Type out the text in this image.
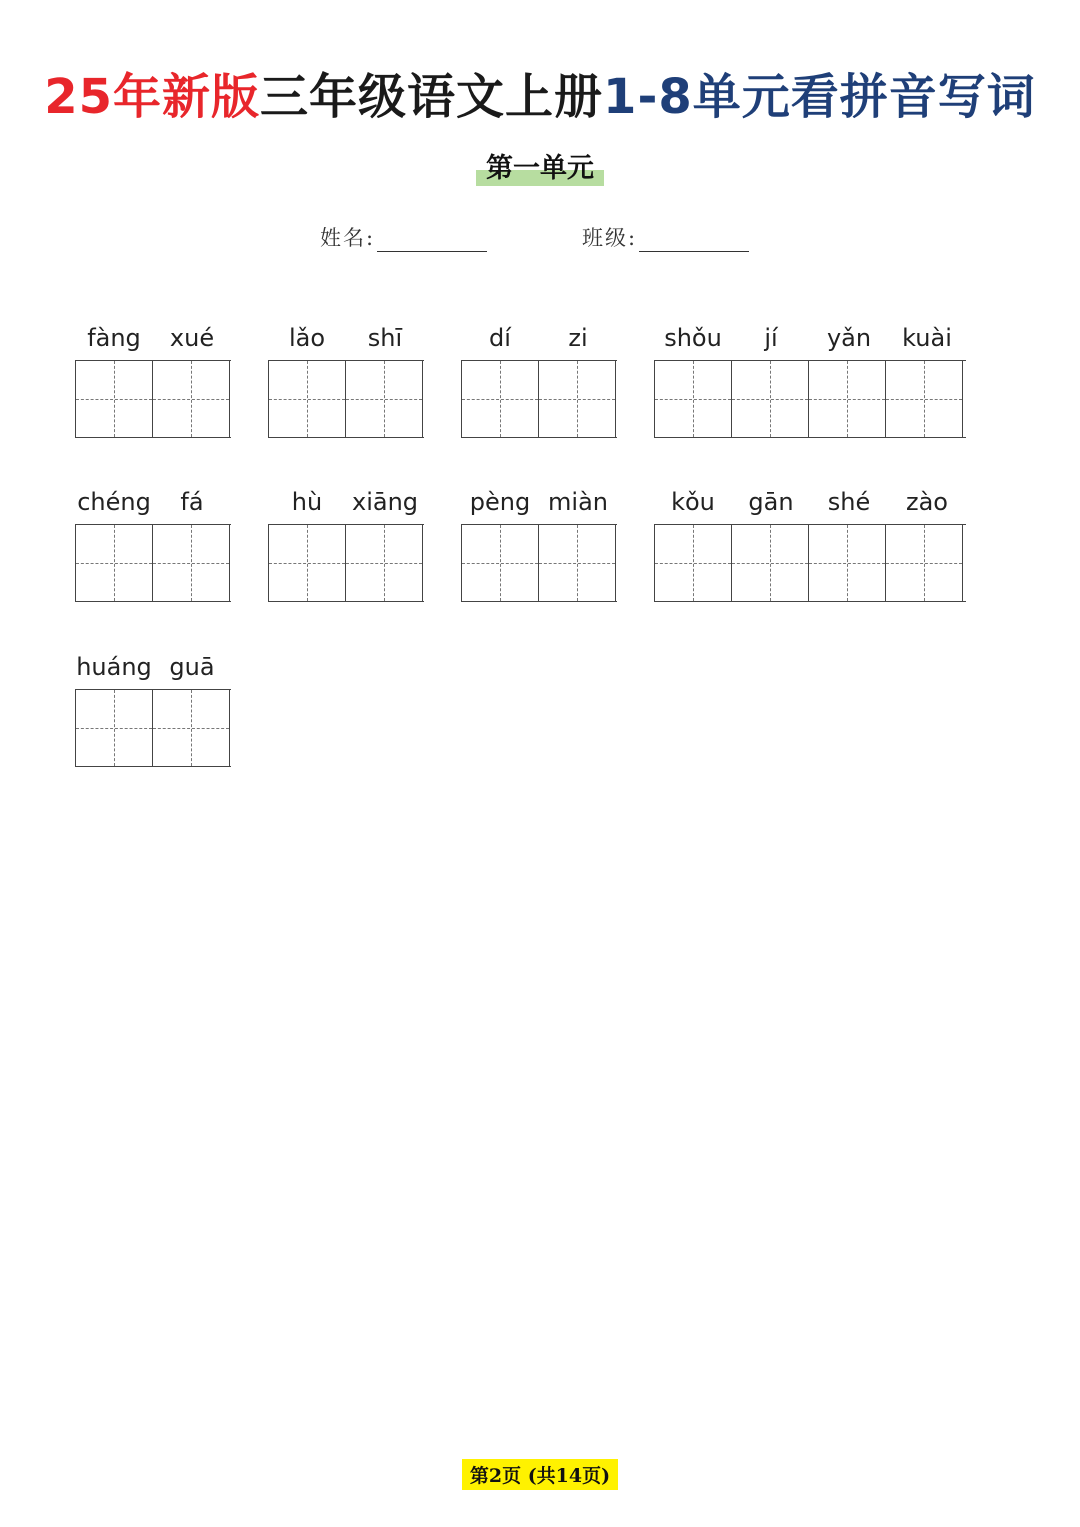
25年新版三年级语文上册1-8单元看拼音写词
第一单元
姓名:	班级:
fàng	xué	lǎo	shī	dí	zi	shǒu	jí	yǎn	kuài
chéng	fá	hù	xiāng	pèng miàn	kǒu	gān	shé	zào
huáng guā
第2页 (共14页)
